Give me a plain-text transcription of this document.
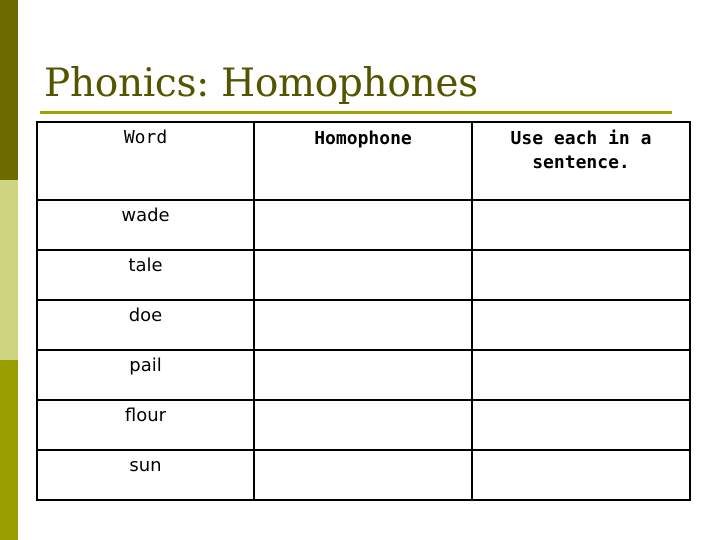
Phonics: Homophones
Word	Homophone	Use each in a sentence.
wade		
tale		
doe		
pail		
flour		
sun		
